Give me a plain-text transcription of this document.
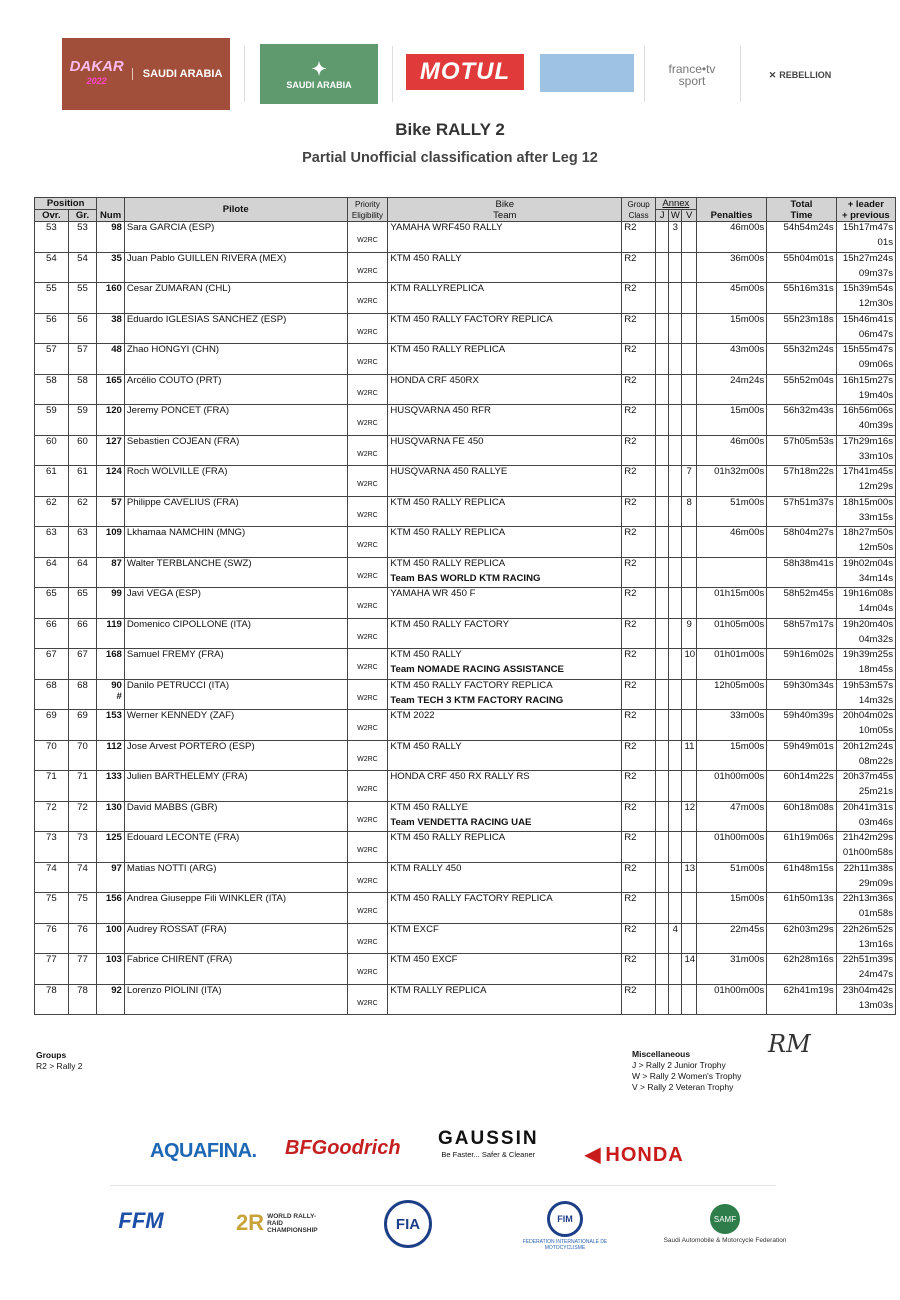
DAKAR
2022
SAUDI ARABIA	✦
SAUDI ARABIA	MOTUL	france•tv
sport	✕ REBELLION
Bike RALLY 2
Partial Unofficial classification after Leg 12
Position		Num	Pilote	Priority
Eligibility	Bike
Team	Group
Class	Annex			Penalties	Total
Time	+ leader
+ previous
Ovr.	Gr.						J	W	V			
53	53	98	Sara GARCIA (ESP)	W2RC	YAMAHA WRF450 RALLY	R2		3		46m00s	54h54m24s	15h17m47s
01s

54	54	35	Juan Pablo GUILLEN RIVERA (MEX)	W2RC	KTM 450 RALLY	R2				36m00s	55h04m01s	15h27m24s
09m37s

55	55	160	Cesar ZUMARAN (CHL)	W2RC	KTM RALLYREPLICA	R2				45m00s	55h16m31s	15h39m54s
12m30s

56	56	38	Eduardo IGLESIAS SANCHEZ (ESP)	W2RC	KTM 450 RALLY FACTORY REPLICA	R2				15m00s	55h23m18s	15h46m41s
06m47s

57	57	48	Zhao HONGYI (CHN)	W2RC	KTM 450 RALLY REPLICA	R2				43m00s	55h32m24s	15h55m47s
09m06s

58	58	165	Arcélio COUTO (PRT)	W2RC	HONDA CRF 450RX	R2				24m24s	55h52m04s	16h15m27s
19m40s

59	59	120	Jeremy PONCET (FRA)	W2RC	HUSQVARNA 450 RFR	R2				15m00s	56h32m43s	16h56m06s
40m39s

60	60	127	Sebastien COJEAN (FRA)	W2RC	HUSQVARNA FE 450	R2				46m00s	57h05m53s	17h29m16s
33m10s

61	61	124	Roch WOLVILLE (FRA)	W2RC	HUSQVARNA 450 RALLYE	R2			7	01h32m00s	57h18m22s	17h41m45s
12m29s

62	62	57	Philippe CAVELIUS (FRA)	W2RC	KTM 450 RALLY REPLICA	R2			8	51m00s	57h51m37s	18h15m00s
33m15s

63	63	109	Lkhamaa NAMCHIN (MNG)	W2RC	KTM 450 RALLY REPLICA	R2				46m00s	58h04m27s	18h27m50s
12m50s

64	64	87	Walter TERBLANCHE (SWZ)	W2RC	KTM 450 RALLY REPLICA
Team BAS WORLD KTM RACING	R2					58h38m41s	19h02m04s
34m14s

65	65	99	Javi VEGA (ESP)	W2RC	YAMAHA WR 450 F	R2				01h15m00s	58h52m45s	19h16m08s
14m04s

66	66	119	Domenico CIPOLLONE (ITA)	W2RC	KTM 450 RALLY FACTORY	R2			9	01h05m00s	58h57m17s	19h20m40s
04m32s

67	67	168	Samuel FREMY (FRA)	W2RC	KTM 450 RALLY
Team NOMADE RACING ASSISTANCE	R2			10	01h01m00s	59h16m02s	19h39m25s
18m45s

68	68	90
#	Danilo PETRUCCI (ITA)	W2RC	KTM 450 RALLY FACTORY REPLICA
Team TECH 3 KTM FACTORY RACING	R2				12h05m00s	59h30m34s	19h53m57s
14m32s

69	69	153	Werner KENNEDY (ZAF)	W2RC	KTM 2022	R2				33m00s	59h40m39s	20h04m02s
10m05s

70	70	112	Jose Arvest PORTERO (ESP)	W2RC	KTM 450 RALLY	R2			11	15m00s	59h49m01s	20h12m24s
08m22s

71	71	133	Julien BARTHELEMY (FRA)	W2RC	HONDA CRF 450 RX RALLY RS	R2				01h00m00s	60h14m22s	20h37m45s
25m21s

72	72	130	David MABBS (GBR)	W2RC	KTM 450 RALLYE
Team VENDETTA RACING UAE	R2			12	47m00s	60h18m08s	20h41m31s
03m46s

73	73	125	Edouard LECONTE (FRA)	W2RC	KTM 450 RALLY REPLICA	R2				01h00m00s	61h19m06s	21h42m29s
01h00m58s

74	74	97	Matias NOTTI (ARG)	W2RC	KTM RALLY 450	R2			13	51m00s	61h48m15s	22h11m38s
29m09s

75	75	156	Andrea Giuseppe Fili WINKLER (ITA)	W2RC	KTM 450 RALLY FACTORY REPLICA	R2				15m00s	61h50m13s	22h13m36s
01m58s

76	76	100	Audrey ROSSAT (FRA)	W2RC	KTM EXCF	R2		4		22m45s	62h03m29s	22h26m52s
13m16s

77	77	103	Fabrice CHIRENT (FRA)	W2RC	KTM 450 EXCF	R2			14	31m00s	62h28m16s	22h51m39s
24m47s

78	78	92	Lorenzo PIOLINI (ITA)	W2RC	KTM RALLY REPLICA	R2				01h00m00s	62h41m19s	23h04m42s
13m03s
Groups
R2 > Rally 2
Miscellaneous
J > Rally 2 Junior Trophy
W > Rally 2 Women's Trophy
V > Rally 2 Veteran Trophy
RM
AQUAFINA. BFGoodrich GAUSSIN
Be Faster... Safer & Cleaner ◀ HONDA
FFM	2R WORLD RALLY-RAID CHAMPIONSHIP	FIA	FIM
FEDERATION INTERNATIONALE DE MOTOCYCLISME
SAMF
Saudi Automobile & Motorcycle Federation
